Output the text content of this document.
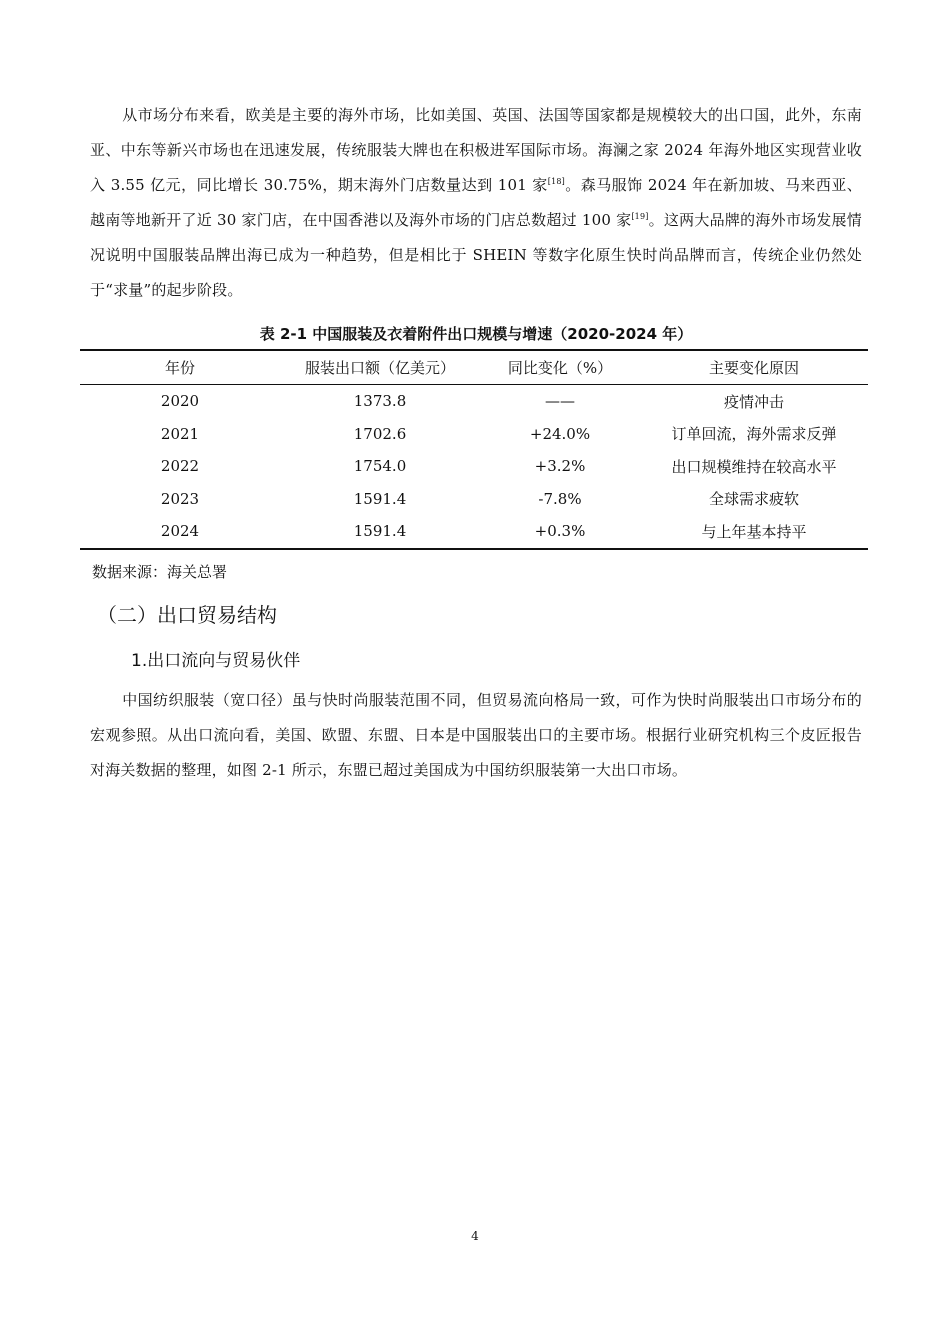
从市场分布来看，欧美是主要的海外市场，比如美国、英国、法国等国家都是规模较大的出口国，此外，东南亚、中东等新兴市场也在迅速发展，传统服装大牌也在积极进军国际市场。海澜之家 2024 年海外地区实现营业收入 3.55 亿元，同比增长 30.75%，期末海外门店数量达到 101 家[18]。森马服饰 2024 年在新加坡、马来西亚、越南等地新开了近 30 家门店，在中国香港以及海外市场的门店总数超过 100 家[19]。这两大品牌的海外市场发展情况说明中国服装品牌出海已成为一种趋势，但是相比于 SHEIN 等数字化原生快时尚品牌而言，传统企业仍然处于“求量”的起步阶段。

表 2-1 中国服装及衣着附件出口规模与增速（2020-2024 年）

年份	服装出口额（亿美元）	同比变化（%）	主要变化原因
2020	1373.8	——	疫情冲击
2021	1702.6	+24.0%	订单回流，海外需求反弹
2022	1754.0	+3.2%	出口规模维持在较高水平
2023	1591.4	-7.8%	全球需求疲软
2024	1591.4	+0.3%	与上年基本持平

数据来源：海关总署

（二）出口贸易结构
1.出口流向与贸易伙伴

中国纺织服装（宽口径）虽与快时尚服装范围不同，但贸易流向格局一致，可作为快时尚服装出口市场分布的宏观参照。从出口流向看，美国、欧盟、东盟、日本是中国服装出口的主要市场。根据行业研究机构三个皮匠报告对海关数据的整理，如图 2-1 所示，东盟已超过美国成为中国纺织服装第一大出口市场。

4
